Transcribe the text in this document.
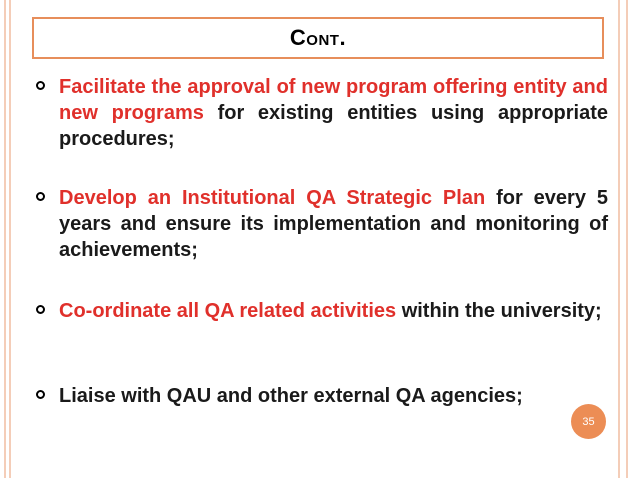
Cont.
Facilitate the approval of new program offering entity and new programs for existing entities using appropriate procedures;
Develop an Institutional QA Strategic Plan for every 5 years and ensure its implementation and monitoring of achievements;
Co-ordinate all QA related activities within the university;
Liaise with QAU and other external QA agencies;
35
